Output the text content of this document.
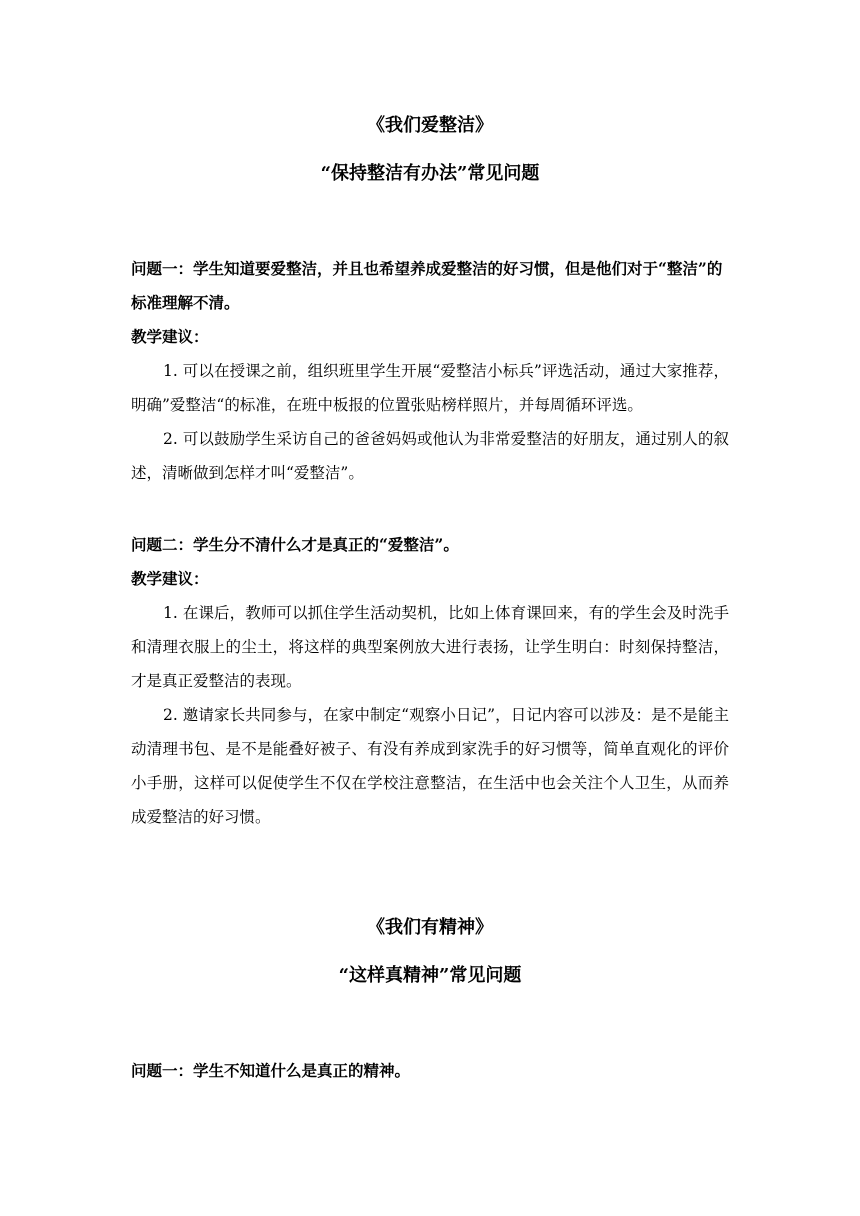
《我们爱整洁》

“保持整洁有办法”常见问题

问题一：学生知道要爱整洁，并且也希望养成爱整洁的好习惯，但是他们对于“整洁”的标准理解不清。

教学建议：

1. 可以在授课之前，组织班里学生开展“爱整洁小标兵”评选活动，通过大家推荐，明确”爱整洁“的标准，在班中板报的位置张贴榜样照片，并每周循环评选。

2. 可以鼓励学生采访自己的爸爸妈妈或他认为非常爱整洁的好朋友，通过别人的叙述，清晰做到怎样才叫“爱整洁”。

问题二：学生分不清什么才是真正的“爱整洁”。

教学建议：

1. 在课后，教师可以抓住学生活动契机，比如上体育课回来，有的学生会及时洗手和清理衣服上的尘土，将这样的典型案例放大进行表扬，让学生明白：时刻保持整洁，才是真正爱整洁的表现。

2. 邀请家长共同参与，在家中制定“观察小日记”，日记内容可以涉及：是不是能主动清理书包、是不是能叠好被子、有没有养成到家洗手的好习惯等，简单直观化的评价小手册，这样可以促使学生不仅在学校注意整洁，在生活中也会关注个人卫生，从而养成爱整洁的好习惯。

《我们有精神》

“这样真精神”常见问题

问题一：学生不知道什么是真正的精神。
